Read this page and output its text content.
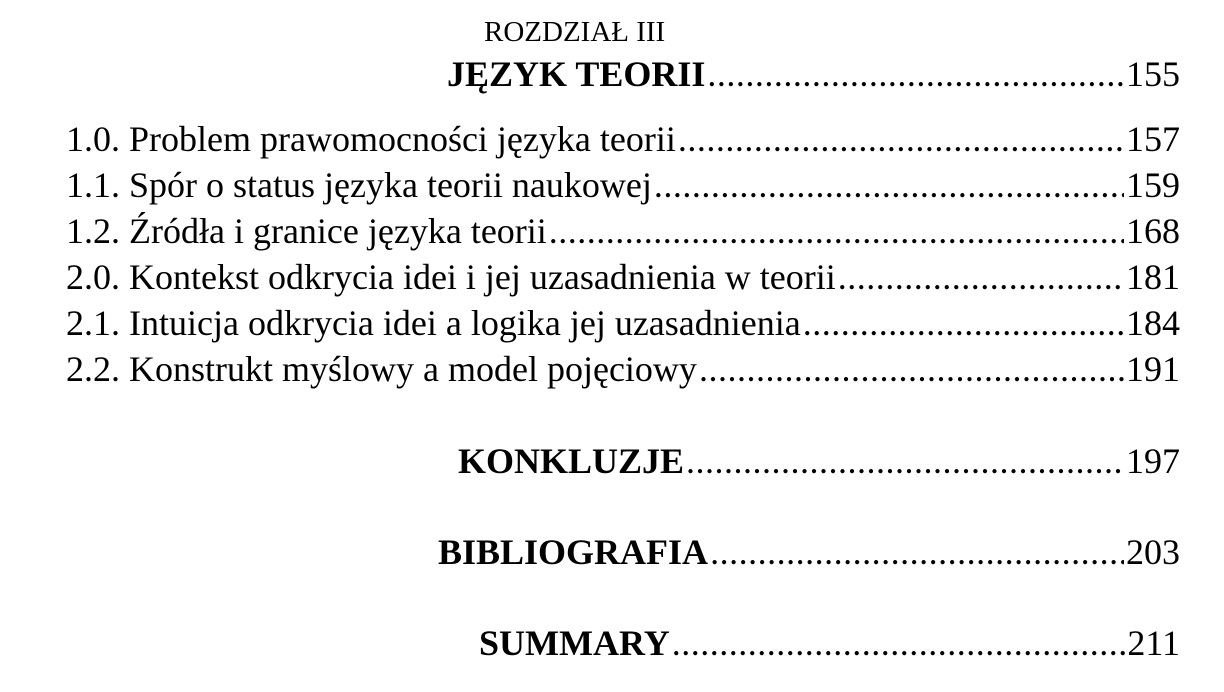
ROZDZIAŁ III
JĘZYK TEORII .....	155
1.0. Problem prawomocności języka teorii .....	157
1.1. Spór o status języka teorii naukowej .....	159
1.2. Źródła i granice języka teorii .....	168
2.0. Kontekst odkrycia idei i jej uzasadnienia w teorii .....	181
2.1. Intuicja odkrycia idei a logika jej uzasadnienia .....	184
2.2. Konstrukt myślowy a model pojęciowy .....	191
KONKLUZJE .....	197
BIBLIOGRAFIA .....	203
SUMMARY .....	211
